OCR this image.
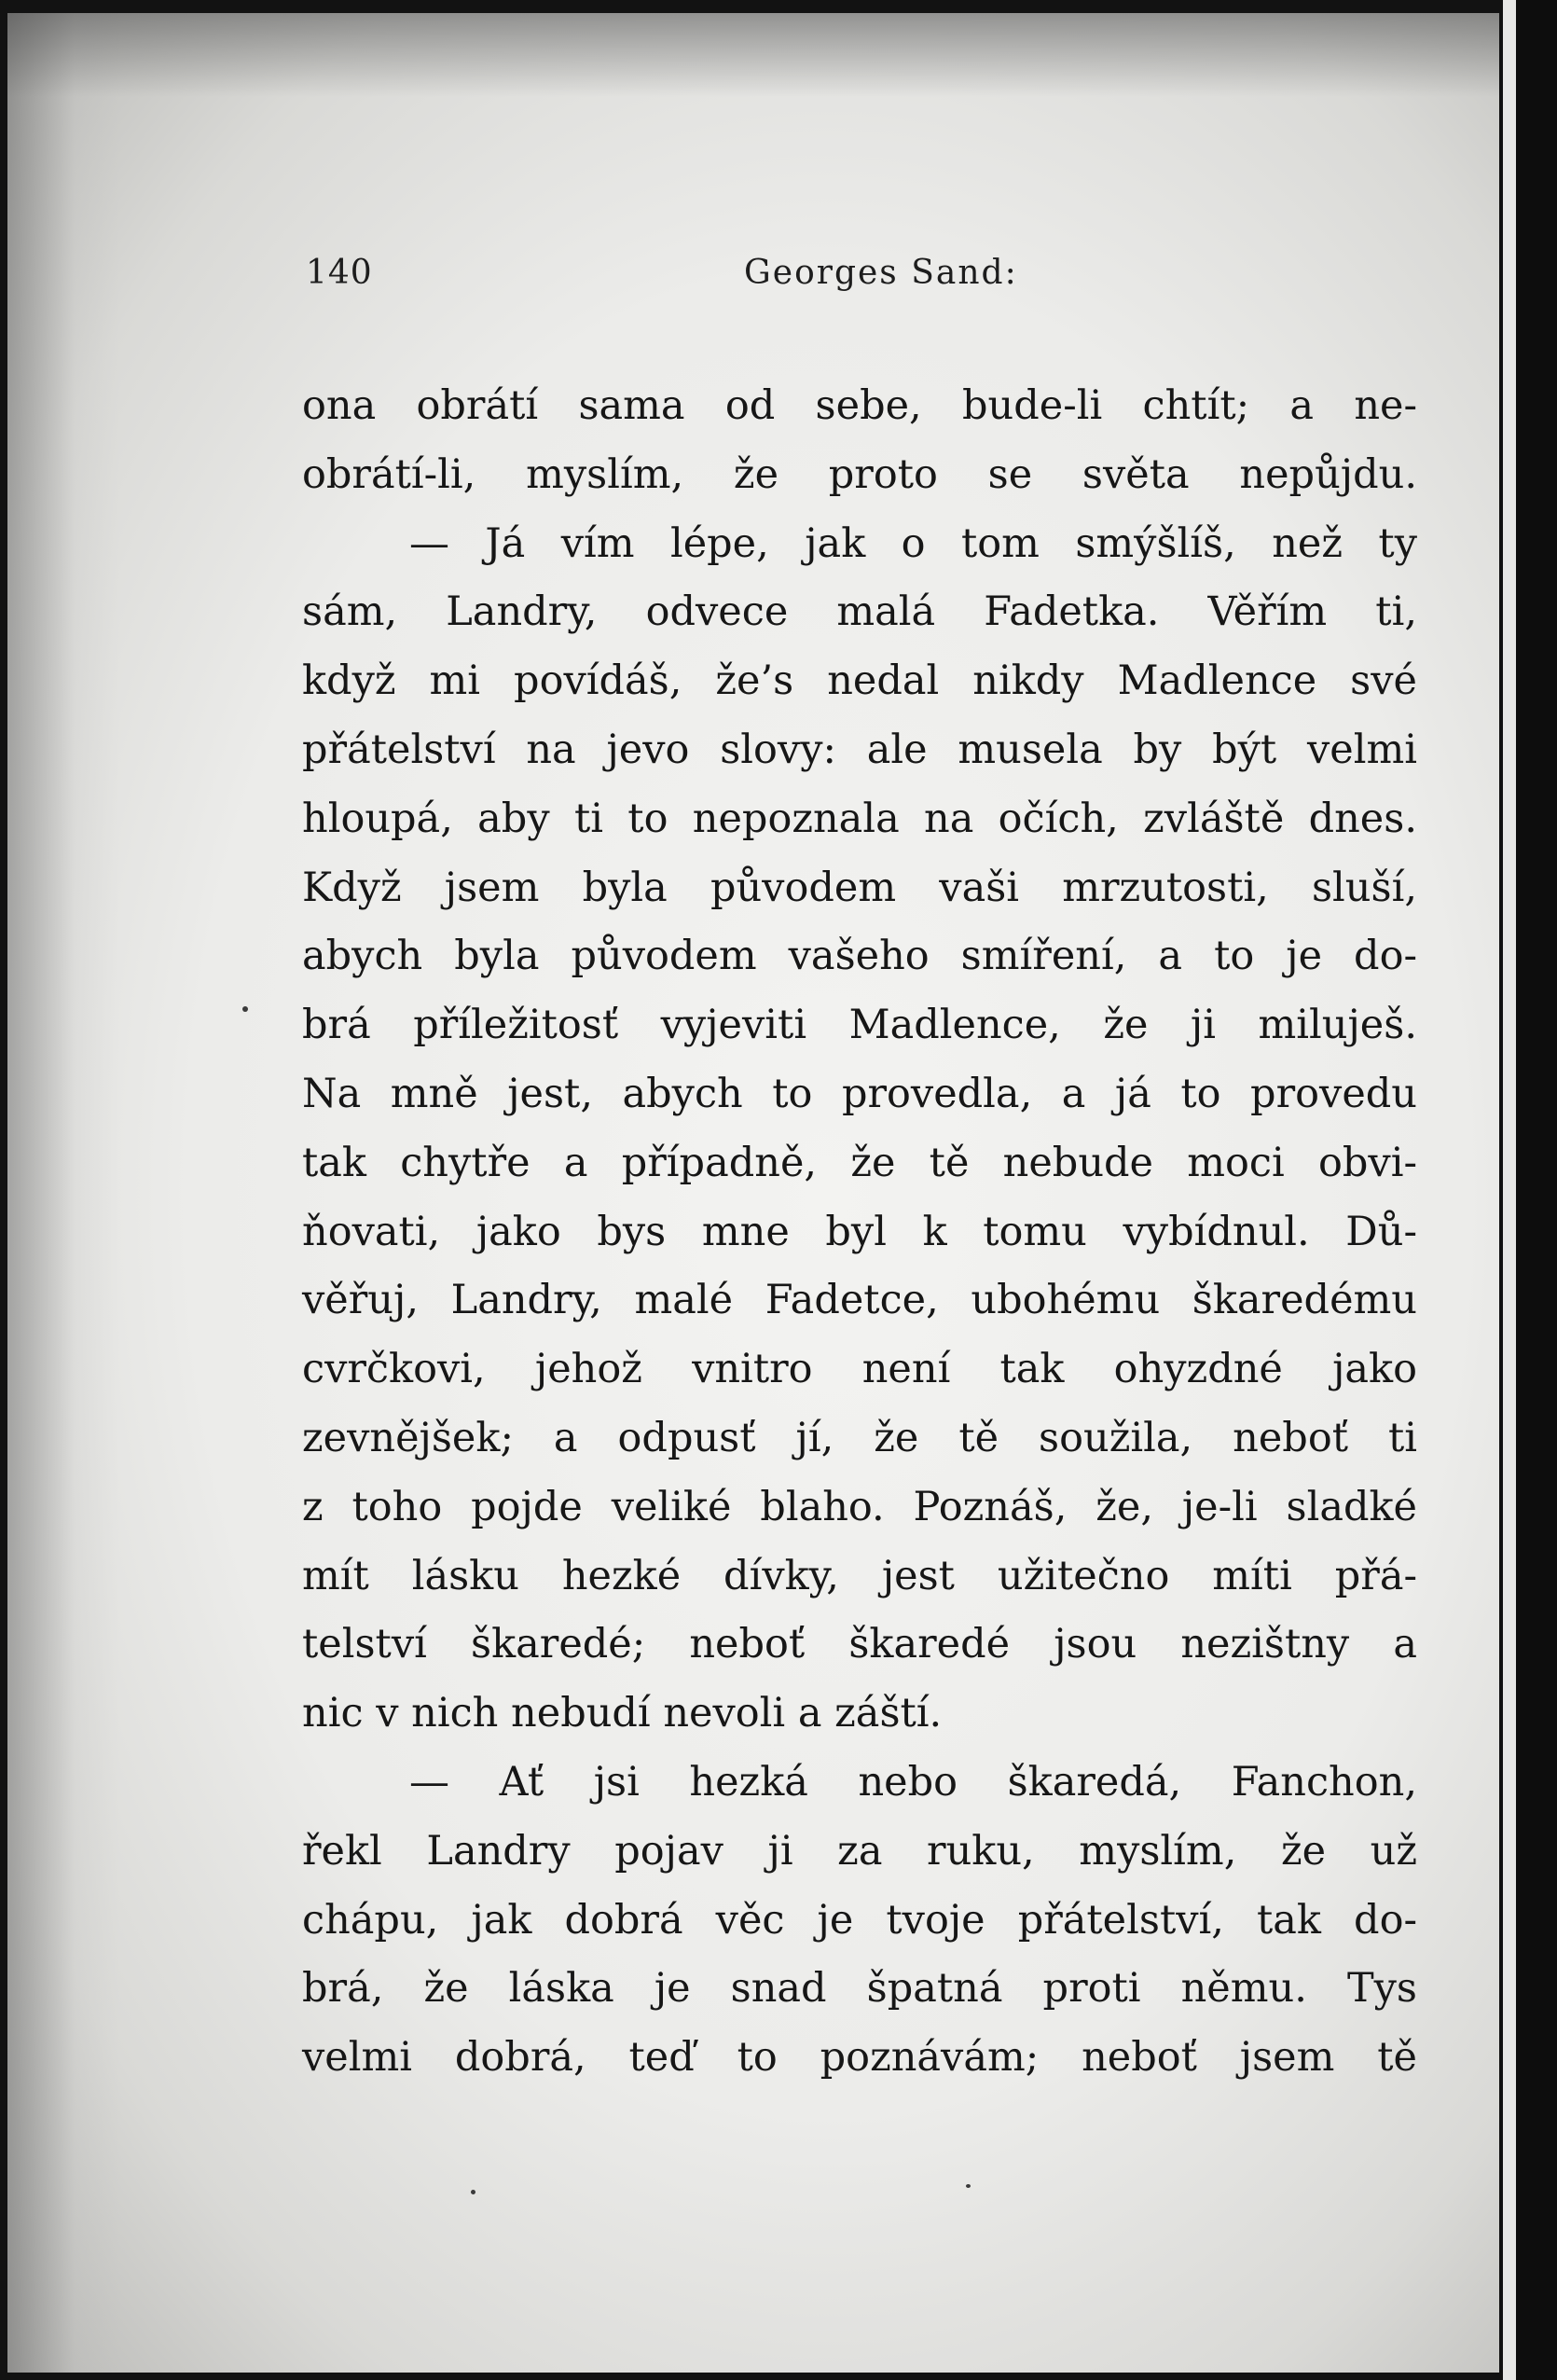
140	Georges Sand:
ona obrátí sama od sebe, bude-li chtít; a ne-
obrátí-li, myslím, že proto se světa nepůjdu.
— Já vím lépe, jak o tom smýšlíš, než ty
sám, Landry, odvece malá Fadetka. Věřím ti,
když mi povídáš, že’s nedal nikdy Madlence své
přátelství na jevo slovy: ale musela by být velmi
hloupá, aby ti to nepoznala na očích, zvláště dnes.
Když jsem byla původem vaši mrzutosti, sluší,
abych byla původem vašeho smíření, a to je do-
brá příležitosť vyjeviti Madlence, že ji miluješ.
Na mně jest, abych to provedla, a já to provedu
tak chytře a případně, že tě nebude moci obvi-
ňovati, jako bys mne byl k tomu vybídnul. Dů-
věřuj, Landry, malé Fadetce, ubohému škaredému
cvrčkovi, jehož vnitro není tak ohyzdné jako
zevnějšek; a odpusť jí, že tě soužila, neboť ti
z toho pojde veliké blaho. Poznáš, že, je-li sladké
mít lásku hezké dívky, jest užitečno míti přá-
telství škaredé; neboť škaredé jsou nezištny a
nic v nich nebudí nevoli a záští.
— Ať jsi hezká nebo škaredá, Fanchon,
řekl Landry pojav ji za ruku, myslím, že už
chápu, jak dobrá věc je tvoje přátelství, tak do-
brá, že láska je snad špatná proti němu. Tys
velmi dobrá, teď to poznávám; neboť jsem tě
